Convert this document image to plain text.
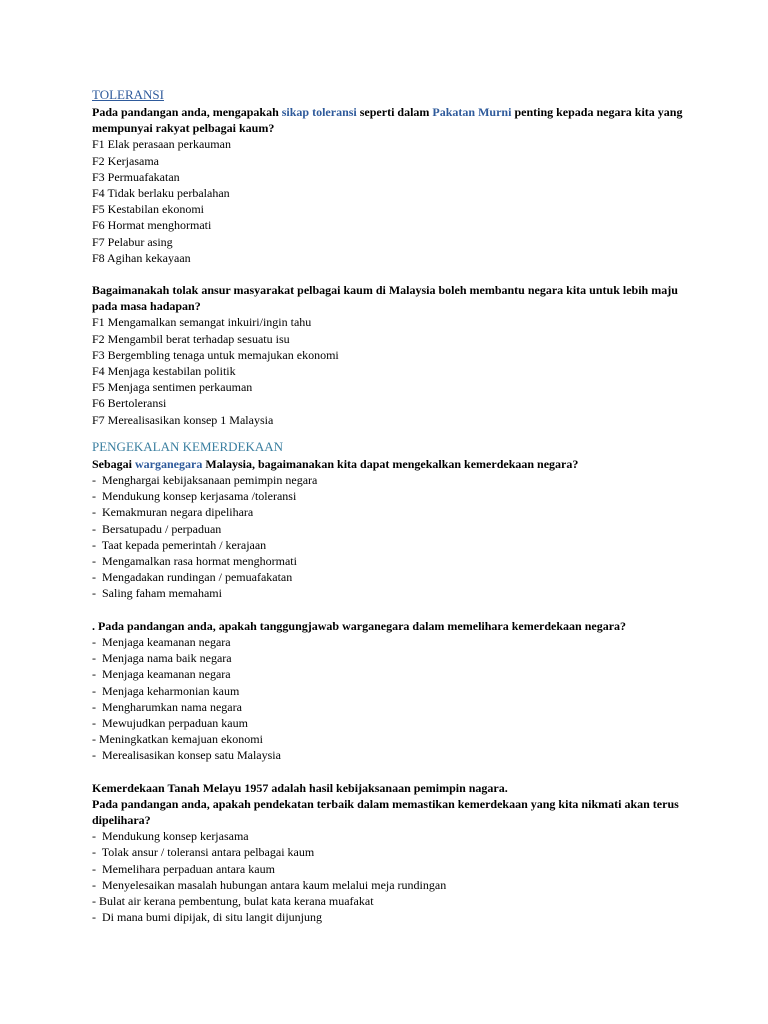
TOLERANSI
Pada pandangan anda, mengapakah sikap toleransi seperti dalam Pakatan Murni penting kepada negara kita yang mempunyai rakyat pelbagai kaum?
F1 Elak perasaan perkauman
F2 Kerjasama
F3 Permuafakatan
F4 Tidak berlaku perbalahan
F5 Kestabilan ekonomi
F6 Hormat menghormati
F7 Pelabur asing
F8 Agihan kekayaan
Bagaimanakah tolak ansur masyarakat pelbagai kaum di Malaysia boleh membantu negara kita untuk lebih maju pada masa hadapan?
F1 Mengamalkan semangat inkuiri/ingin tahu
F2 Mengambil berat terhadap sesuatu isu
F3 Bergembling tenaga untuk memajukan ekonomi
F4 Menjaga kestabilan politik
F5 Menjaga sentimen perkauman
F6 Bertoleransi
F7 Merealisasikan konsep 1 Malaysia
PENGEKALAN KEMERDEKAAN
Sebagai warganegara Malaysia, bagaimanakan kita dapat mengekalkan kemerdekaan negara?
-  Menghargai kebijaksanaan pemimpin negara
-  Mendukung konsep kerjasama /toleransi
-  Kemakmuran negara dipelihara
-  Bersatupadu / perpaduan
-  Taat kepada pemerintah / kerajaan
-  Mengamalkan rasa hormat menghormati
-  Mengadakan rundingan / pemuafakatan
-  Saling faham memahami
. Pada pandangan anda, apakah tanggungjawab warganegara dalam memelihara kemerdekaan negara?
-  Menjaga keamanan negara
-  Menjaga nama baik negara
-  Menjaga keamanan negara
-  Menjaga keharmonian kaum
-  Mengharumkan nama negara
-  Mewujudkan perpaduan kaum
- Meningkatkan kemajuan ekonomi
-  Merealisasikan konsep satu Malaysia
Kemerdekaan Tanah Melayu 1957 adalah hasil kebijaksanaan pemimpin nagara.
Pada pandangan anda, apakah pendekatan terbaik dalam memastikan kemerdekaan yang kita nikmati akan terus dipelihara?
-  Mendukung konsep kerjasama
-  Tolak ansur / toleransi antara pelbagai kaum
-  Memelihara perpaduan antara kaum
-  Menyelesaikan masalah hubungan antara kaum melalui meja rundingan
- Bulat air kerana pembentung, bulat kata kerana muafakat
-  Di mana bumi dipijak, di situ langit dijunjung
